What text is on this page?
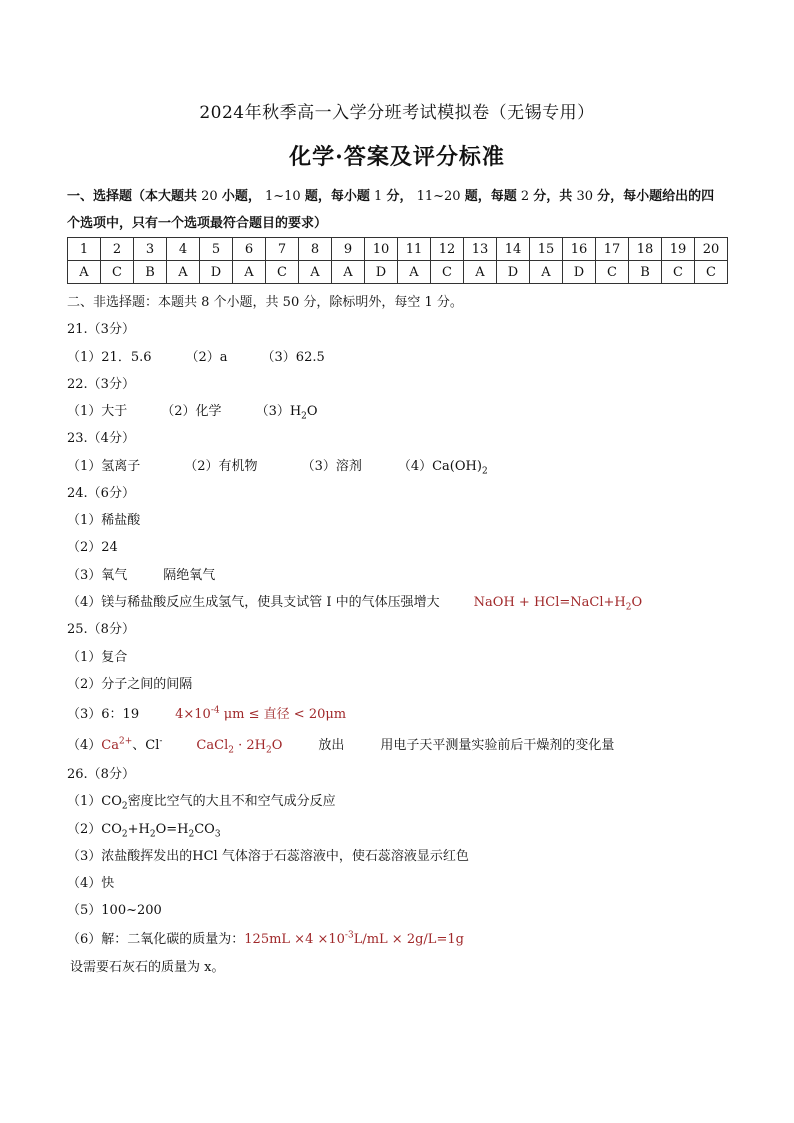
2024年秋季高一入学分班考试模拟卷（无锡专用）
化学·答案及评分标准
一、选择题（本大题共 20 小题， 1~10 题，每小题 1 分， 11~20 题，每题 2 分，共 30 分，每小题给出的四
个选项中，只有一个选项最符合题目的要求）
1	2	3	4	5	6	7	8	9	10	11	12	13	14	15	16	17	18	19	20
A	C	B	A	D	A	C	A	A	D	A	C	A	D	A	D	C	B	C	C
二、非选择题：本题共 8 个小题，共 50 分，除标明外，每空 1 分。
21.（3分）
（1）21．5.6	（2）a	（3）62.5
22.（3分）
（1）大于	（2）化学	$(3)H_2O$
23.（4分）
（1）氢离子	（2）有机物	（3）溶剂	$(4)Ca(OH)_2$
24.（6分）
（1）稀盐酸
（2）24
（3）氧气	隔绝氧气
（4）镁与稀盐酸反应生成氢气，使具支试管 I 中的气体压强增大	NaOH + $HCl=NaCl+H_2O$
25.（8分）
（1）复合
（2）分子之间的间隔
（3）6：19	$4\times 10^{-4}$ μm ≤ 直径 < 20μm
$(4)Ca^{2+}$、Cl-	CaCl$_2$ · $2H_2O$	放出	用电子天平测量实验前后干燥剂的变化量
26.（8分）
$(1)CO_2$密度比空气的大且不和空气成分反应
$(2)CO_2+H_2O=H_2CO_3$
（3）浓盐酸挥发出的HCl 气体溶于石蕊溶液中，使石蕊溶液显示红色
（4）快
（5）100~200
（6）解：二氧化碳的质量为：$125mL \times 4 \times 10^{-3}L/mL \times 2g/L=1g$
设需要石灰石的质量为 x。
